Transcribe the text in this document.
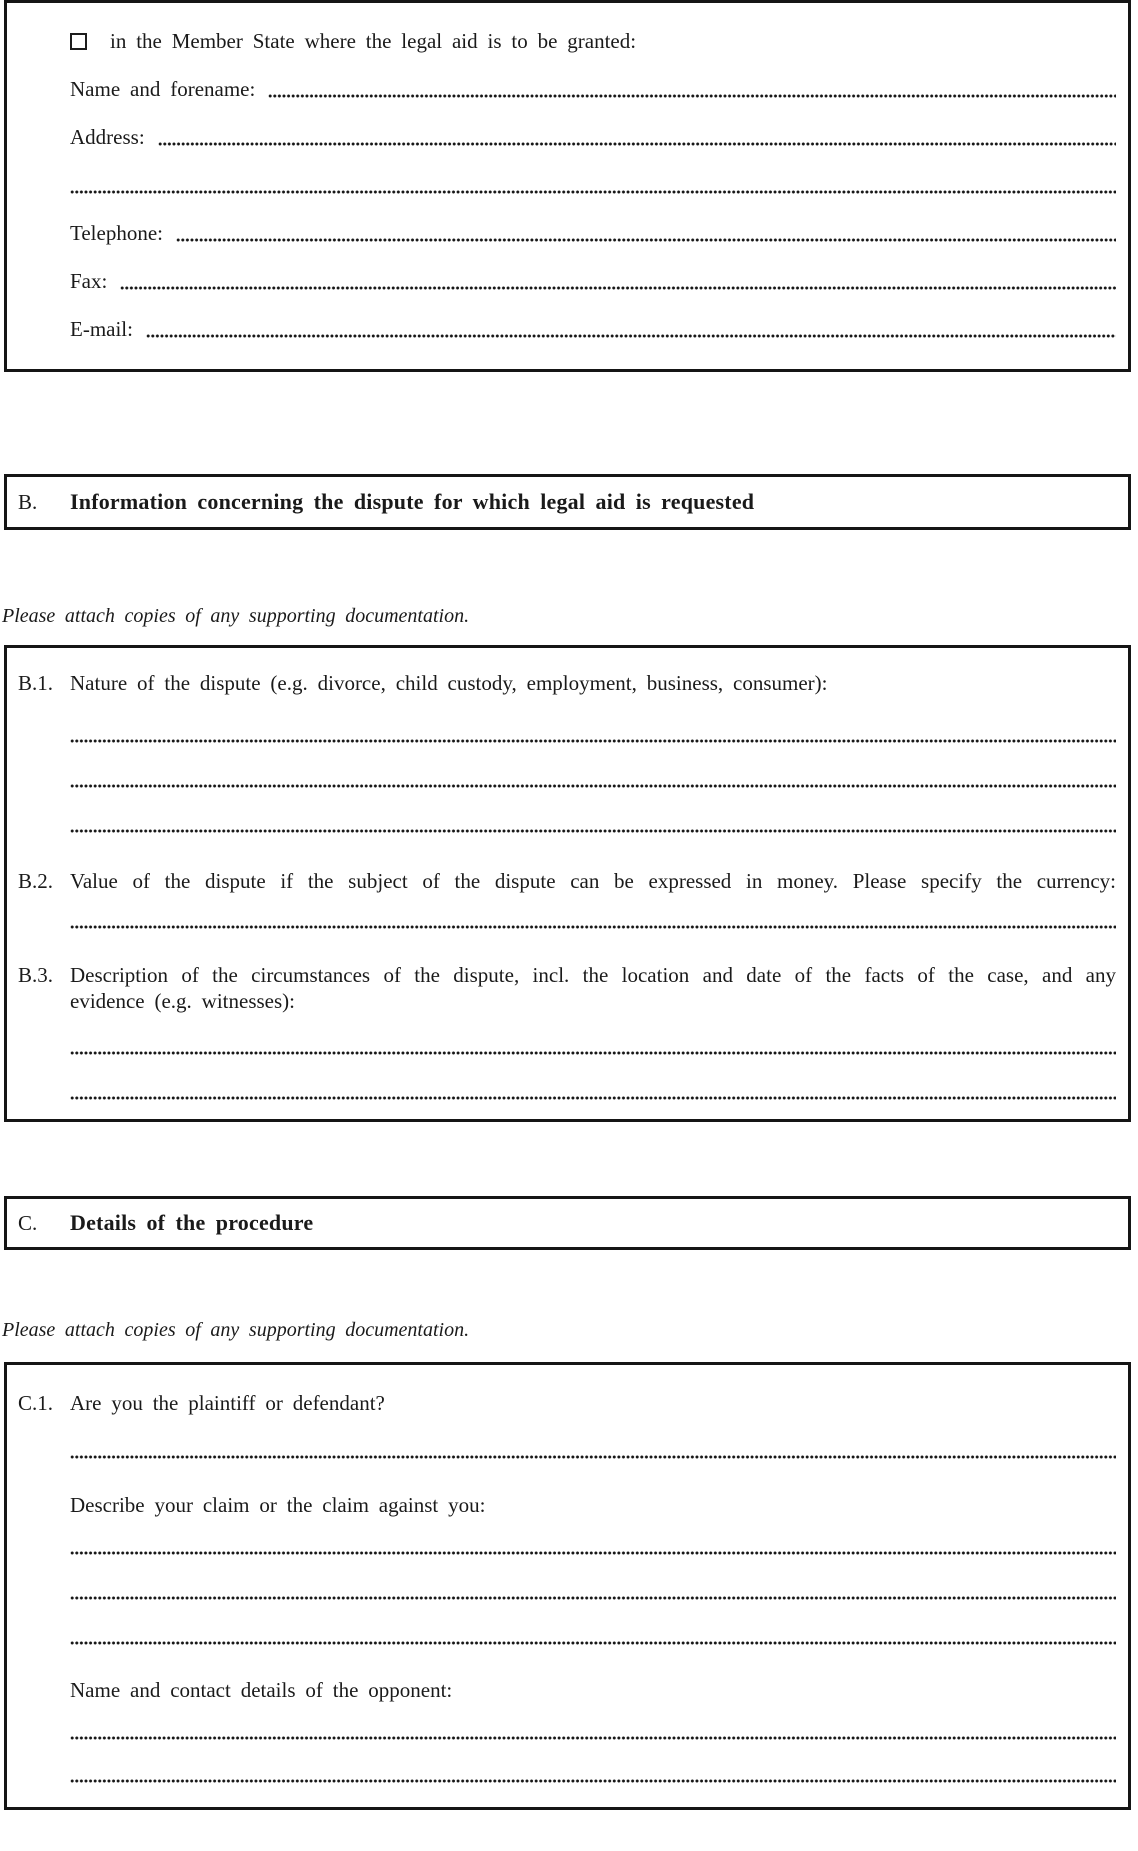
in the Member State where the legal aid is to be granted:
Name and forename:
Address:
Telephone:
Fax:
E-mail:
B.	Information concerning the dispute for which legal aid is requested
Please attach copies of any supporting documentation.
B.1. Nature of the dispute (e.g. divorce, child custody, employment, business, consumer):
B.2. Value of the dispute if the subject of the dispute can be expressed in money. Please specify the currency:
B.3. Description of the circumstances of the dispute, incl. the location and date of the facts of the case, and any evidence (e.g. witnesses):
C.	Details of the procedure
Please attach copies of any supporting documentation.
C.1. Are you the plaintiff or defendant?
Describe your claim or the claim against you:
Name and contact details of the opponent:
